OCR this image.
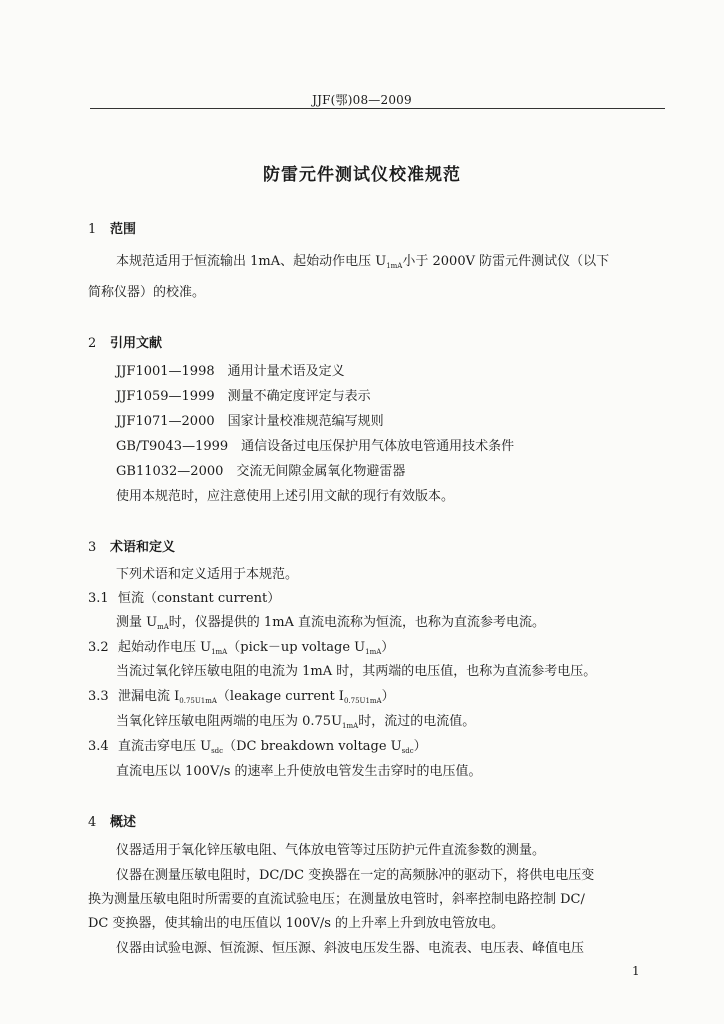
JJF(鄂)08—2009
防雷元件测试仪校准规范
1 范围
本规范适用于恒流输出 1mA、起始动作电压 $U_{1mA}$小于 2000V 防雷元件测试仪（以下
简称仪器）的校准。
2 引用文献
JJF1001—1998　通用计量术语及定义
JJF1059—1999　测量不确定度评定与表示
JJF1071—2000　国家计量校准规范编写规则
GB/T9043—1999　通信设备过电压保护用气体放电管通用技术条件
GB11032—2000　交流无间隙金属氧化物避雷器
使用本规范时，应注意使用上述引用文献的现行有效版本。
3 术语和定义
下列术语和定义适用于本规范。
3.1 恒流（constant current）
测量 $U_{mA}$时，仪器提供的 1mA 直流电流称为恒流，也称为直流参考电流。
3.2 起始动作电压 $U_{1mA}(pick-up$ voltage $U_{1mA}$）
当流过氧化锌压敏电阻的电流为 1mA 时，其两端的电压值，也称为直流参考电压。
3.3 泄漏电流 $I_{0.75U1mA}(leakage$ current $I_{0.75U1mA}$）
当氧化锌压敏电阻两端的电压为 $0.75U_{1mA}$时，流过的电流值。
3.4 直流击穿电压 $U_{sdc}(DC$ breakdown voltage $U_{sdc}$）
直流电压以 100V/s 的速率上升使放电管发生击穿时的电压值。
4 概述
仪器适用于氧化锌压敏电阻、气体放电管等过压防护元件直流参数的测量。
仪器在测量压敏电阻时，DC/DC 变换器在一定的高频脉冲的驱动下，将供电电压变
换为测量压敏电阻时所需要的直流试验电压；在测量放电管时，斜率控制电路控制 DC/
DC 变换器，使其输出的电压值以 100V/s 的上升率上升到放电管放电。
仪器由试验电源、恒流源、恒压源、斜波电压发生器、电流表、电压表、峰值电压
1
